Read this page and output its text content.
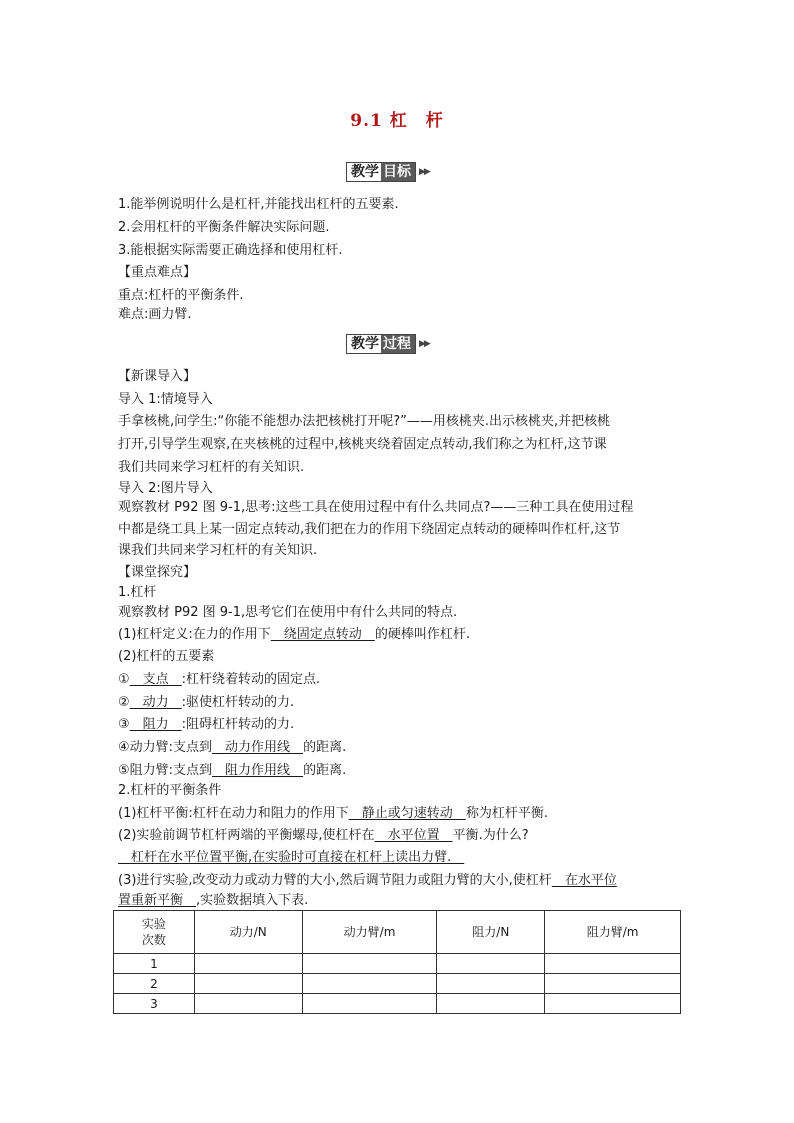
9.1 杠　杆
教学 目标 ▶▶
1.能举例说明什么是杠杆,并能找出杠杆的五要素.
2.会用杠杆的平衡条件解决实际问题.
3.能根据实际需要正确选择和使用杠杆.
【重点难点】
重点:杠杆的平衡条件.
难点:画力臂.
教学 过程 ▶▶
【新课导入】
导入 1:情境导入
手拿核桃,问学生:“你能不能想办法把核桃打开呢?”——用核桃夹.出示核桃夹,并把核桃
打开,引导学生观察,在夹核桃的过程中,核桃夹绕着固定点转动,我们称之为杠杆,这节课
我们共同来学习杠杆的有关知识.
导入 2:图片导入
观察教材 P92 图 9-1,思考:这些工具在使用过程中有什么共同点?——三种工具在使用过程
中都是绕工具上某一固定点转动,我们把在力的作用下绕固定点转动的硬棒叫作杠杆,这节
课我们共同来学习杠杆的有关知识.
【课堂探究】
1.杠杆
观察教材 P92 图 9-1,思考它们在使用中有什么共同的特点.
(1)杠杆定义:在力的作用下　绕固定点转动　的硬棒叫作杠杆.
(2)杠杆的五要素
①　支点　:杠杆绕着转动的固定点.
②　动力　:驱使杠杆转动的力.
③　阻力　:阻碍杠杆转动的力.
④动力臂:支点到　动力作用线　的距离.
⑤阻力臂:支点到　阻力作用线　的距离.
2.杠杆的平衡条件
(1)杠杆平衡:杠杆在动力和阻力的作用下　静止或匀速转动　称为杠杆平衡.
(2)实验前调节杠杆两端的平衡螺母,使杠杆在　水平位置　平衡.为什么?
　杠杆在水平位置平衡,在实验时可直接在杠杆上读出力臂.　
(3)进行实验,改变动力或动力臂的大小,然后调节阻力或阻力臂的大小,使杠杆　在水平位
置重新平衡　,实验数据填入下表.
实验
次数	动力/N	动力臂/m	阻力/N	阻力臂/m
1				
2				
3				
